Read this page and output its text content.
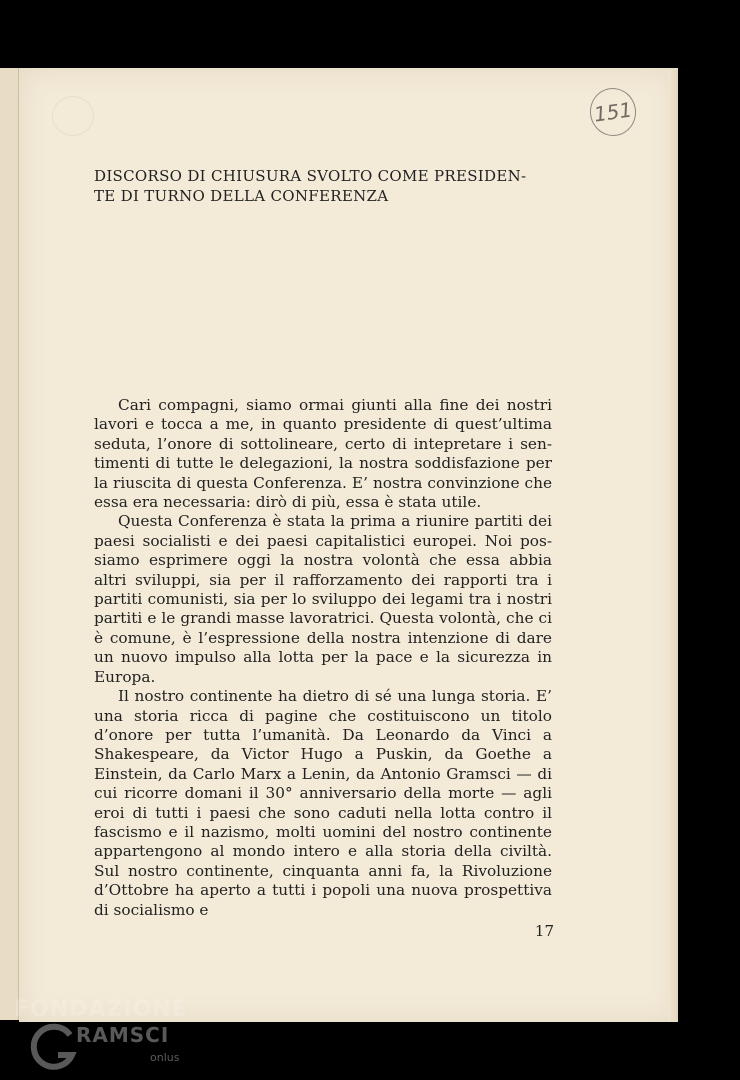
151
DISCORSO DI CHIUSURA SVOLTO COME PRESIDEN-
TE DI TURNO DELLA CONFERENZA

Cari compagni, siamo ormai giunti alla fine dei nostri lavori e tocca a me, in quanto presidente di quest’ultima seduta, l’onore di sottolineare, certo di intepretare i sentimenti di tutte le delegazioni, la nostra soddisfazione per la riuscita di questa Conferenza. E’ nostra convinzione che essa era necessaria: dirò di più, essa è stata utile.

Questa Conferenza è stata la prima a riunire partiti dei paesi socialisti e dei paesi capitalistici europei. Noi possiamo esprimere oggi la nostra volontà che essa abbia altri sviluppi, sia per il rafforzamento dei rapporti tra i partiti comunisti, sia per lo sviluppo dei legami tra i nostri partiti e le grandi masse lavoratrici. Questa volontà, che ci è comune, è l’espressione della nostra intenzione di dare un nuovo impulso alla lotta per la pace e la sicurezza in Europa.

Il nostro continente ha dietro di sé una lunga storia. E’ una storia ricca di pagine che costituiscono un titolo d’onore per tutta l’umanità. Da Leonardo da Vinci a Shakespeare, da Victor Hugo a Puskin, da Goethe a Einstein, da Carlo Marx a Lenin, da Antonio Gramsci — di cui ricorre domani il 30° anniversario della morte — agli eroi di tutti i paesi che sono caduti nella lotta contro il fascismo e il nazismo, molti uomini del nostro continente appartengono al mondo intero e alla storia della civiltà. Sul nostro continente, cinquanta anni fa, la Rivoluzione d’Ottobre ha aperto a tutti i popoli una nuova prospettiva di socialismo e

17
FONDAZIONE
RAMSCI
onlus
